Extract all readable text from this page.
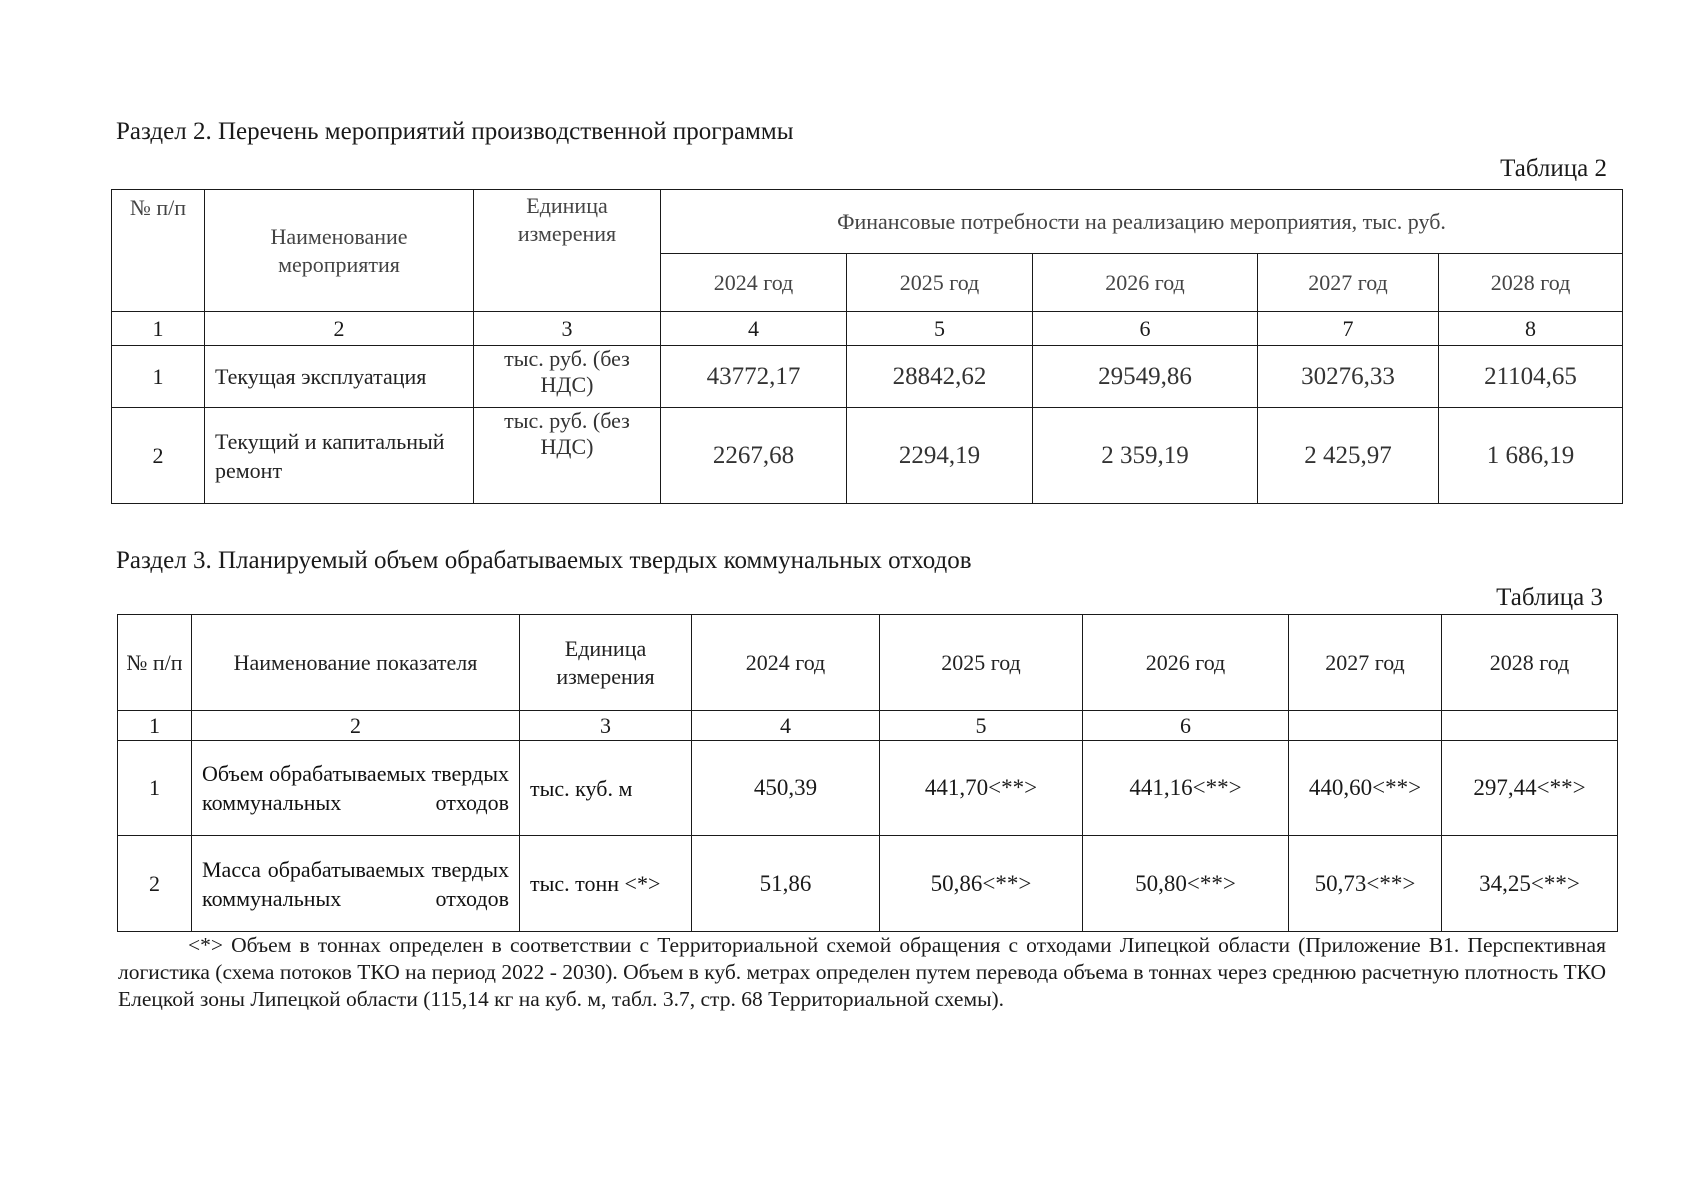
Раздел 2. Перечень мероприятий производственной программы
Таблица 2
№ п/п	Наименование мероприятия	Единица измерения	Финансовые потребности на реализацию мероприятия, тыс. руб.				
			2024 год	2025 год	2026 год	2027 год	2028 год
1	2	3	4	5	6	7	8
1	Текущая эксплуатация	тыс. руб. (без НДС)	43772,17	28842,62	29549,86	30276,33	21104,65
2	Текущий и капитальный ремонт	тыс. руб. (без НДС)	2267,68	2294,19	2 359,19	2 425,97	1 686,19
Раздел 3. Планируемый объем обрабатываемых твердых коммунальных отходов
Таблица 3
№ п/п	Наименование показателя	Единица измерения	2024 год	2025 год	2026 год	2027 год	2028 год
1	2	3	4	5	6		
1	Объем обрабатываемых твердых коммунальных отходов	тыс. куб. м	450,39	441,70<**>	441,16<**>	440,60<**>	297,44<**>
2	Масса обрабатываемых твердых коммунальных отходов	тыс. тонн <*>	51,86	50,86<**>	50,80<**>	50,73<**>	34,25<**>
<*> Объем в тоннах определен в соответствии с Территориальной схемой обращения с отходами Липецкой области (Приложение В1. Перспективная логистика (схема потоков ТКО на период 2022 - 2030). Объем в куб. метрах определен путем перевода объема в тоннах через среднюю расчетную плотность ТКО Елецкой зоны Липецкой области (115,14 кг на куб. м, табл. 3.7, стр. 68 Территориальной схемы).
